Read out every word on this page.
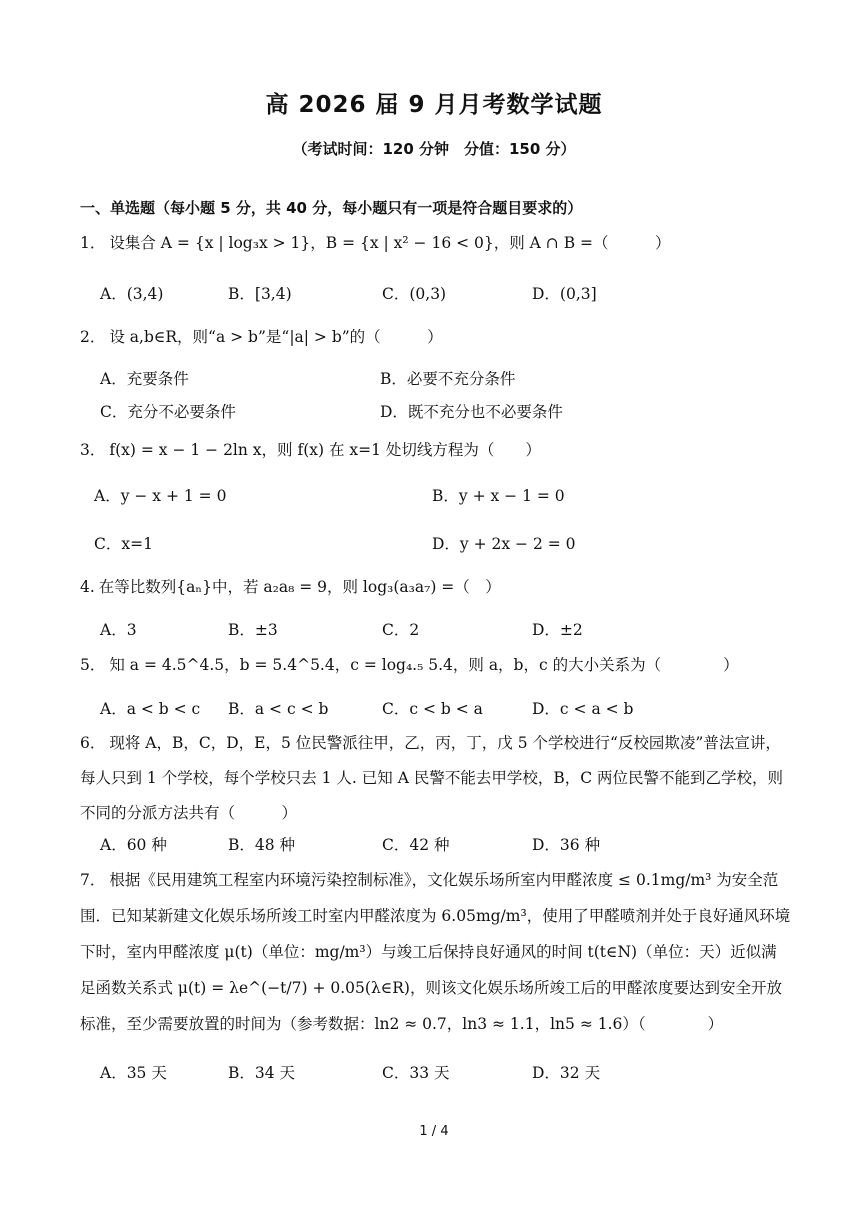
高 2026 届 9 月月考数学试题
（考试时间：120 分钟　分值：150 分）
一、单选题（每小题 5 分，共 40 分，每小题只有一项是符合题目要求的）
1． 设集合 A = {x | log₃x > 1}，B = {x | x² − 16 < 0}，则 A ∩ B =（　　　）
A．(3,4)	B．[3,4)	C．(0,3)	D．(0,3]
2． 设 a,b∈R，则“a > b”是“|a| > b”的（　　　）
A．充要条件	B．必要不充分条件
C．充分不必要条件	D．既不充分也不必要条件
3． f(x) = x − 1 − 2ln x，则 f(x) 在 x=1 处切线方程为（　　）
A．y − x + 1 = 0	B．y + x − 1 = 0
C．x=1	D．y + 2x − 2 = 0
4. 在等比数列{aₙ}中，若 a₂a₈ = 9，则 log₃(a₃a₇) =（　）
A．3	B．±3	C．2	D．±2
5． 知 a = 4.5^4.5，b = 5.4^5.4，c = log₄.₅ 5.4，则 a，b，c 的大小关系为（　　　　）
A．a < b < c B．a < c < b	C．c < b < a	D．c < a < b
6． 现将 A，B，C，D，E，5 位民警派往甲，乙，丙，丁，戊 5 个学校进行“反校园欺凌”普法宣讲，每人只到 1 个学校，每个学校只去 1 人. 已知 A 民警不能去甲学校，B，C 两位民警不能到乙学校，则不同的分派方法共有（　　　）
A．60 种	B．48 种	C．42 种	D．36 种
7． 根据《民用建筑工程室内环境污染控制标准》，文化娱乐场所室内甲醛浓度 ≤ 0.1mg/m³ 为安全范围．已知某新建文化娱乐场所竣工时室内甲醛浓度为 6.05mg/m³，使用了甲醛喷剂并处于良好通风环境下时，室内甲醛浓度 μ(t)（单位：mg/m³）与竣工后保持良好通风的时间 t(t∈N)（单位：天）近似满足函数关系式 μ(t) = λe^(−t/7) + 0.05(λ∈R)，则该文化娱乐场所竣工后的甲醛浓度要达到安全开放标准，至少需要放置的时间为（参考数据：ln2 ≈ 0.7，ln3 ≈ 1.1，ln5 ≈ 1.6）（　　　　）
A．35 天	B．34 天	C．33 天	D．32 天
1 / 4
